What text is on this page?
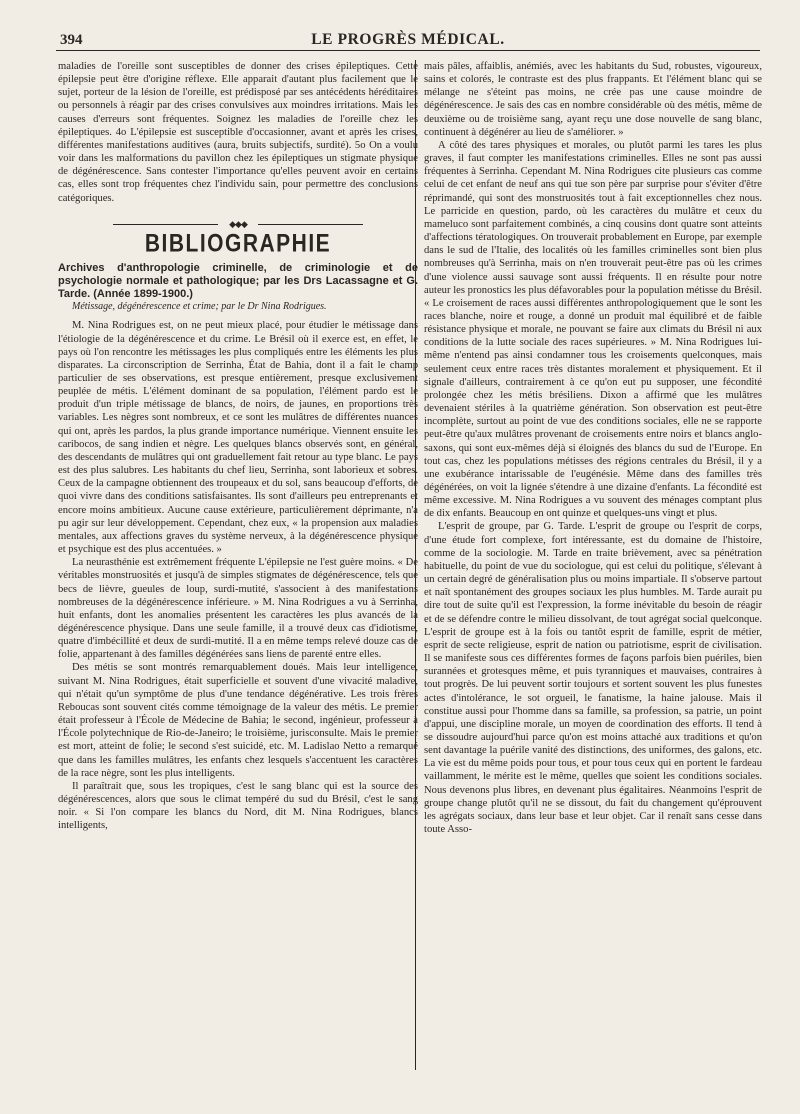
394	LE PROGRÈS MÉDICAL.

maladies de l'oreille sont susceptibles de donner des crises épileptiques. Cette épilepsie peut être d'origine réflexe. Elle apparait d'autant plus facilement que le sujet, porteur de la lésion de l'oreille, est prédisposé par ses antécédents héréditaires ou personnels à réagir par des crises convulsives aux moindres irritations. Mais les causes d'erreurs sont fréquentes. Soignez les maladies de l'oreille chez les épileptiques. 4o L'épilepsie est susceptible d'occasionner, avant et après les crises, différentes manifestations auditives (aura, bruits subjectifs, surdité). 5o On a voulu voir dans les malformations du pavillon chez les épileptiques un stigmate physique de dégénérescence. Sans contester l'importance qu'elles peuvent avoir en certains cas, elles sont trop fréquentes chez l'individu sain, pour permettre des conclusions catégoriques.

◆◆◆
BIBLIOGRAPHIE
Archives d'anthropologie criminelle, de criminologie et de psychologie normale et pathologique; par les Drs Lacassagne et G. Tarde. (Année 1899-1900.)
Métissage, dégénérescence et crime; par le Dr Nina Rodrigues.

M. Nina Rodrigues est, on ne peut mieux placé, pour étudier le métissage dans l'étiologie de la dégénérescence et du crime. Le Brésil où il exerce est, en effet, le pays où l'on rencontre les métissages les plus compliqués entre les éléments les plus disparates. La circonscription de Serrinha, État de Bahia, dont il a fait le champ particulier de ses observations, est presque entièrement, presque exclusivement peuplée de métis. L'élément dominant de sa population, l'élément pardo est le produit d'un triple métissage de blancs, de noirs, de jaunes, en proportions très variables. Les nègres sont nombreux, et ce sont les mulâtres de différentes nuances qui ont, après les pardos, la plus grande importance numérique. Viennent ensuite les caribocos, de sang indien et nègre. Les quelques blancs observés sont, en général, des descendants de mulâtres qui ont graduellement fait retour au type blanc. Le pays est des plus salubres. Les habitants du chef lieu, Serrinha, sont laborieux et sobres. Ceux de la campagne obtiennent des troupeaux et du sol, sans beaucoup d'efforts, de quoi vivre dans des conditions satisfaisantes. Ils sont d'ailleurs peu entreprenants et encore moins ambitieux. Aucune cause extérieure, particulièrement déprimante, n'a pu agir sur leur développement. Cependant, chez eux, « la propension aux maladies mentales, aux affections graves du système nerveux, à la dégénérescence physique et psychique est des plus accentuées. »

La neurasthénie est extrêmement fréquente L'épilepsie ne l'est guère moins. « De véritables monstruosités et jusqu'à de simples stigmates de dégénérescence, tels que becs de lièvre, gueules de loup, surdi-mutité, s'associent à des manifestations nombreuses de la dégénérescence inférieure. » M. Nina Rodrigues a vu à Serrinha, huit enfants, dont les anomalies présentent les caractères les plus avancés de la dégénérescence physique. Dans une seule famille, il a trouvé deux cas d'idiotisme, quatre d'imbécillité et deux de surdi-mutité. Il a en même temps relevé douze cas de folie, appartenant à des familles dégénérées sans liens de parenté entre elles.

Des métis se sont montrés remarquablement doués. Mais leur intelligence, suivant M. Nina Rodrigues, était superficielle et souvent d'une vivacité maladive, qui n'était qu'un symptôme de plus d'une tendance dégénérative. Les trois frères Reboucas sont souvent cités comme témoignage de la valeur des métis. Le premier était professeur à l'École de Médecine de Bahia; le second, ingénieur, professeur à l'École polytechnique de Rio-de-Janeiro; le troisième, jurisconsulte. Mais le premier est mort, atteint de folie; le second s'est suicidé, etc. M. Ladislao Netto a remarqué que dans les familles mulâtres, les enfants chez lesquels s'accentuent les caractères de la race nègre, sont les plus intelligents.

Il paraîtrait que, sous les tropiques, c'est le sang blanc qui est la source des dégénérescences, alors que sous le climat tempéré du sud du Brésil, c'est le sang noir. « Si l'on compare les blancs du Nord, dit M. Nina Rodrigues, blancs intelligents,

mais pâles, affaiblis, anémiés, avec les habitants du Sud, robustes, vigoureux, sains et colorés, le contraste est des plus frappants. Et l'élément blanc qui se mélange ne s'éteint pas moins, ne crée pas une cause moindre de dégénérescence. Je sais des cas en nombre considérable où des métis, même de deuxième ou de troisième sang, ayant reçu une dose nouvelle de sang blanc, continuent à dégénérer au lieu de s'améliorer. »

A côté des tares physiques et morales, ou plutôt parmi les tares les plus graves, il faut compter les manifestations criminelles. Elles ne sont pas aussi fréquentes à Serrinha. Cependant M. Nina Rodrigues cite plusieurs cas comme celui de cet enfant de neuf ans qui tue son père par surprise pour s'éviter d'être réprimandé, qui sont des monstruosités tout à fait exceptionnelles chez nous. Le parricide en question, pardo, où les caractères du mulâtre et ceux du mameluco sont parfaitement combinés, a cinq cousins dont quatre sont atteints d'affections tératologiques. On trouverait probablement en Europe, par exemple dans le sud de l'Italie, des localités où les familles criminelles sont bien plus nombreuses qu'à Serrinha, mais on n'en trouverait peut-être pas où les crimes d'une violence aussi sauvage sont aussi fréquents. Il en résulte pour notre auteur les pronostics les plus défavorables pour la population métisse du Brésil. « Le croisement de races aussi différentes anthropologiquement que le sont les races blanche, noire et rouge, a donné un produit mal équilibré et de faible résistance physique et morale, ne pouvant se faire aux climats du Brésil ni aux conditions de la lutte sociale des races supérieures. » M. Nina Rodrigues lui-même n'entend pas ainsi condamner tous les croisements quelconques, mais seulement ceux entre races très distantes moralement et physiquement. Et il signale d'ailleurs, contrairement à ce qu'on eut pu supposer, une fécondité prolongée chez les métis brésiliens. Dixon a affirmé que les mulâtres devenaient stériles à la quatrième génération. Son observation est peut-être incomplète, surtout au point de vue des conditions sociales, elle ne se rapporte peut-être qu'aux mulâtres provenant de croisements entre noirs et blancs anglo-saxons, qui sont eux-mêmes déjà si éloignés des blancs du sud de l'Europe. En tout cas, chez les populations métisses des régions centrales du Brésil, il y a une exubérance intarissable de l'eugénésie. Même dans des familles très dégénérées, on voit la lignée s'étendre à une dizaine d'enfants. La fécondité est même excessive. M. Nina Rodrigues a vu souvent des ménages comptant plus de dix enfants. Beaucoup en ont quinze et quelques-uns vingt et plus.

L'esprit de groupe, par G. Tarde. L'esprit de groupe ou l'esprit de corps, d'une étude fort complexe, fort intéressante, est du domaine de l'histoire, comme de la sociologie. M. Tarde en traite brièvement, avec sa pénétration habituelle, du point de vue du sociologue, qui est celui du politique, s'élevant à un certain degré de généralisation plus ou moins impartiale. Il s'observe partout et naît spontanément des groupes sociaux les plus humbles. M. Tarde aurait pu dire tout de suite qu'il est l'expression, la forme inévitable du besoin de réagir et de se défendre contre le milieu dissolvant, de tout agrégat social quelconque. L'esprit de groupe est à la fois ou tantôt esprit de famille, esprit de métier, esprit de secte religieuse, esprit de nation ou patriotisme, esprit de civilisation. Il se manifeste sous ces différentes formes de façons parfois bien puériles, bien surannées et grotesques même, et puis tyranniques et mauvaises, contraires à tout progrès. De lui peuvent sortir toujours et sortent souvent les plus funestes actes d'intolérance, le sot orgueil, le fanatisme, la haine jalouse. Mais il constitue aussi pour l'homme dans sa famille, sa profession, sa patrie, un point d'appui, une discipline morale, un moyen de coordination des efforts. Il tend à se dissoudre aujourd'hui parce qu'on est moins attaché aux traditions et qu'on sent davantage la puérile vanité des distinctions, des uniformes, des galons, etc. La vie est du même poids pour tous, et pour tous ceux qui en portent le fardeau vaillamment, le mérite est le même, quelles que soient les conditions sociales. Nous devenons plus libres, en devenant plus égalitaires. Néanmoins l'esprit de groupe change plutôt qu'il ne se dissout, du fait du changement qu'éprouvent les agrégats sociaux, dans leur base et leur objet. Car il renaît sans cesse dans toute Asso-
